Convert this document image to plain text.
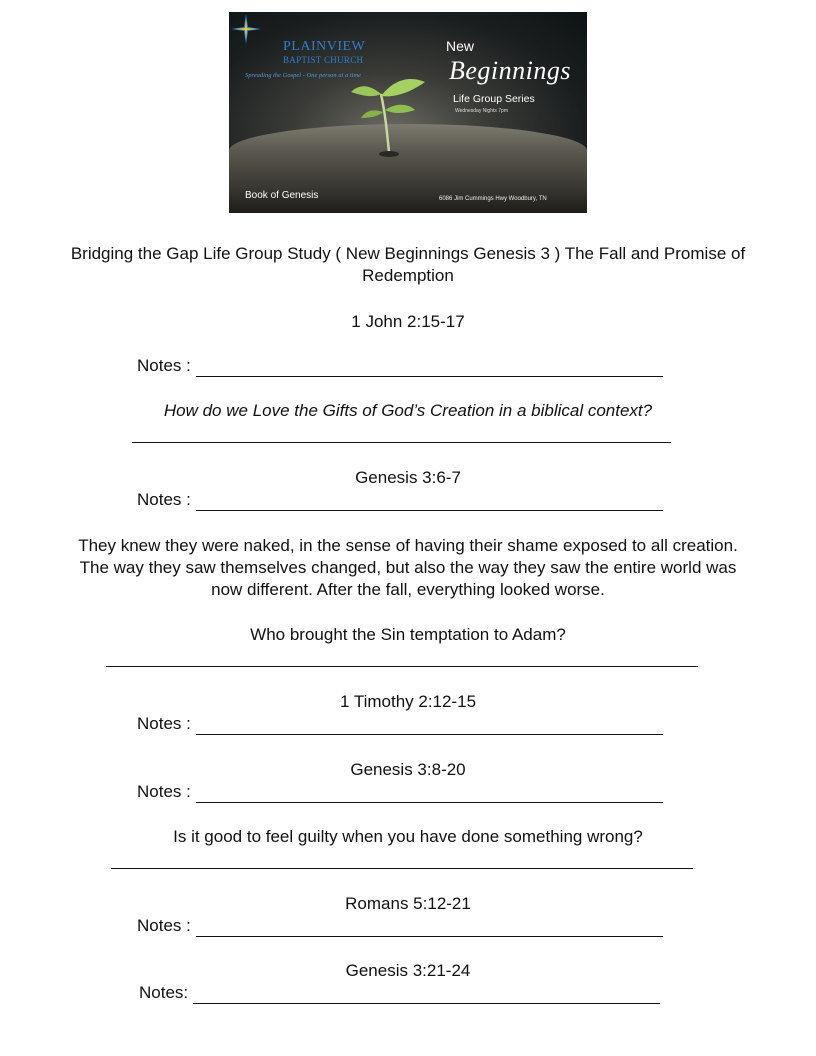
PLAINVIEW
BAPTIST CHURCH
Spreading the Gospel - One person at a time
New
Beginnings
Life Group Series
Wednesday Nights 7pm
Book of Genesis	6086 Jim Cummings Hwy Woodbury, TN
Bridging the Gap Life Group Study ( New Beginnings Genesis 3 ) The Fall and Promise of
Redemption
1 John 2:15-17
Notes :
How do we Love the Gifts of God’s Creation in a biblical context?
Genesis 3:6-7
Notes :
They knew they were naked, in the sense of having their shame exposed to all creation.
The way they saw themselves changed, but also the way they saw the entire world was
now different. After the fall, everything looked worse.
Who brought the Sin temptation to Adam?
1 Timothy 2:12-15
Notes :
Genesis 3:8-20
Notes :
Is it good to feel guilty when you have done something wrong?
Romans 5:12-21
Notes :
Genesis 3:21-24
Notes:
